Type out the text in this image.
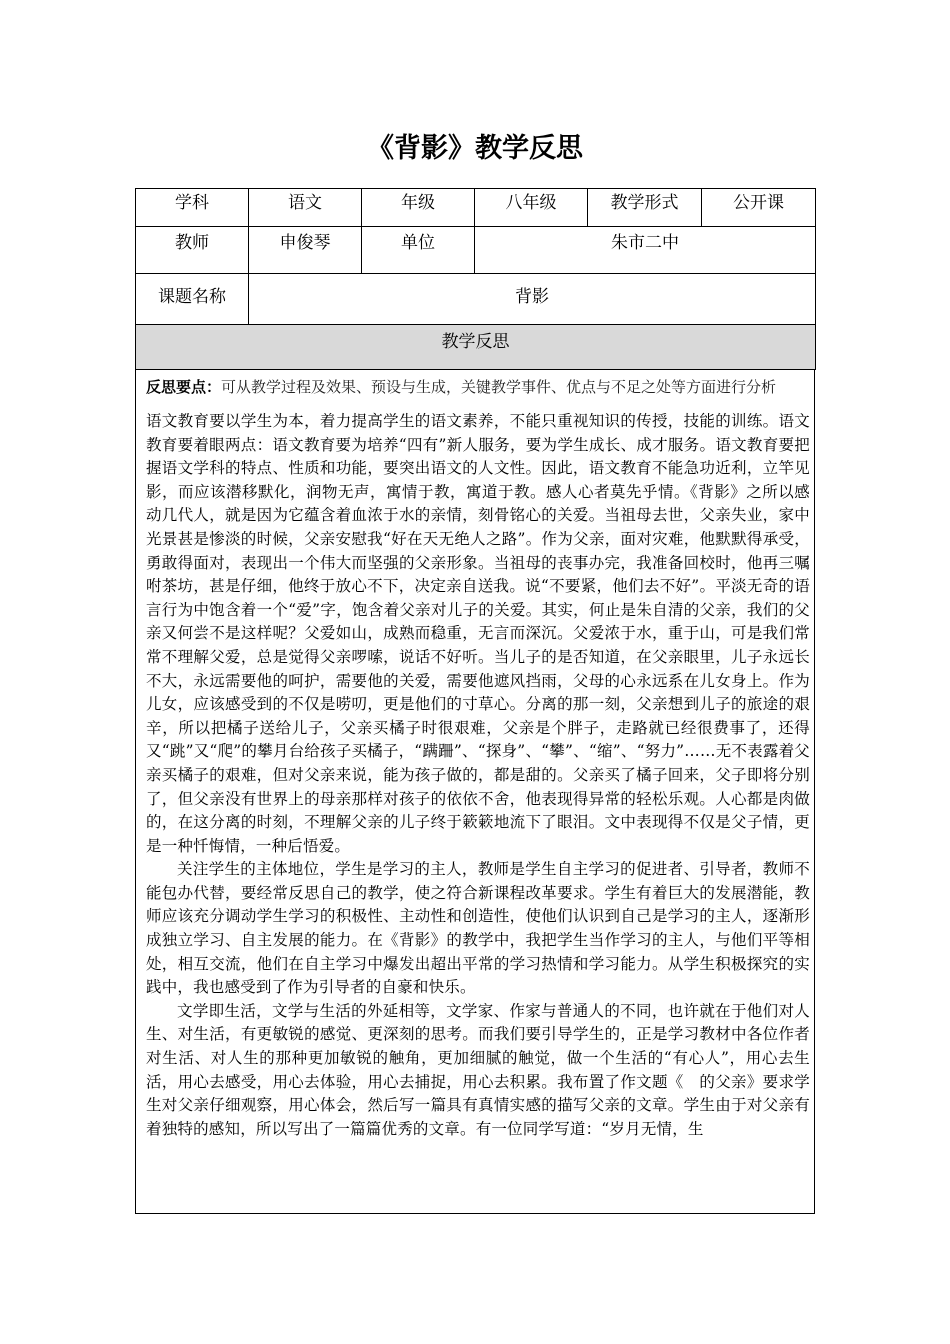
《背影》教学反思
学科	语文	年级	八年级	教学形式	公开课

教师	申俊琴	单位	朱市二中		

课题名称	背影				

教学反思					

反思要点：可从教学过程及效果、预设与生成，关键教学事件、优点与不足之处等方面进行分析

语文教育要以学生为本，着力提高学生的语文素养，不能只重视知识的传授，技能的训练。语文教育要着眼两点：语文教育要为培养“四有”新人服务，要为学生成长、成才服务。语文教育要把握语文学科的特点、性质和功能，要突出语文的人文性。因此，语文教育不能急功近利，立竿见影，而应该潜移默化，润物无声，寓情于教，寓道于教。感人心者莫先乎情。《背影》之所以感动几代人，就是因为它蕴含着血浓于水的亲情，刻骨铭心的关爱。当祖母去世，父亲失业，家中光景甚是惨淡的时候，父亲安慰我“好在天无绝人之路”。作为父亲，面对灾难，他默默得承受，勇敢得面对，表现出一个伟大而坚强的父亲形象。当祖母的丧事办完，我准备回校时，他再三嘱咐茶坊，甚是仔细，他终于放心不下，决定亲自送我。说“不要紧，他们去不好”。平淡无奇的语言行为中饱含着一个“爱”字，饱含着父亲对儿子的关爱。其实，何止是朱自清的父亲，我们的父亲又何尝不是这样呢？父爱如山，成熟而稳重，无言而深沉。父爱浓于水，重于山，可是我们常常不理解父爱，总是觉得父亲啰嗦，说话不好听。当儿子的是否知道，在父亲眼里，儿子永远长不大，永远需要他的呵护，需要他的关爱，需要他遮风挡雨，父母的心永远系在儿女身上。作为儿女，应该感受到的不仅是唠叨，更是他们的寸草心。分离的那一刻，父亲想到儿子的旅途的艰辛，所以把橘子送给儿子，父亲买橘子时很艰难，父亲是个胖子，走路就已经很费事了，还得又“跳”又“爬”的攀月台给孩子买橘子，“蹒跚”、“探身”、“攀”、“缩”、“努力”……无不表露着父亲买橘子的艰难，但对父亲来说，能为孩子做的，都是甜的。父亲买了橘子回来，父子即将分别了，但父亲没有世界上的母亲那样对孩子的依依不舍，他表现得异常的轻松乐观。人心都是肉做的，在这分离的时刻，不理解父亲的儿子终于簌簌地流下了眼泪。文中表现得不仅是父子情，更是一种忏悔情，一种后悟爱。

关注学生的主体地位，学生是学习的主人，教师是学生自主学习的促进者、引导者，教师不能包办代替，要经常反思自己的教学，使之符合新课程改革要求。学生有着巨大的发展潜能，教师应该充分调动学生学习的积极性、主动性和创造性，使他们认识到自己是学习的主人，逐渐形成独立学习、自主发展的能力。在《背影》的教学中，我把学生当作学习的主人，与他们平等相处，相互交流，他们在自主学习中爆发出超出平常的学习热情和学习能力。从学生积极探究的实践中，我也感受到了作为引导者的自豪和快乐。

文学即生活，文学与生活的外延相等，文学家、作家与普通人的不同，也许就在于他们对人生、对生活，有更敏锐的感觉、更深刻的思考。而我们要引导学生的，正是学习教材中各位作者对生活、对人生的那种更加敏锐的触角，更加细腻的触觉，做一个生活的“有心人”，用心去生活，用心去感受，用心去体验，用心去捕捉，用心去积累。我布置了作文题《　的父亲》要求学生对父亲仔细观察，用心体会，然后写一篇具有真情实感的描写父亲的文章。学生由于对父亲有着独特的感知，所以写出了一篇篇优秀的文章。有一位同学写道：“岁月无情，生
